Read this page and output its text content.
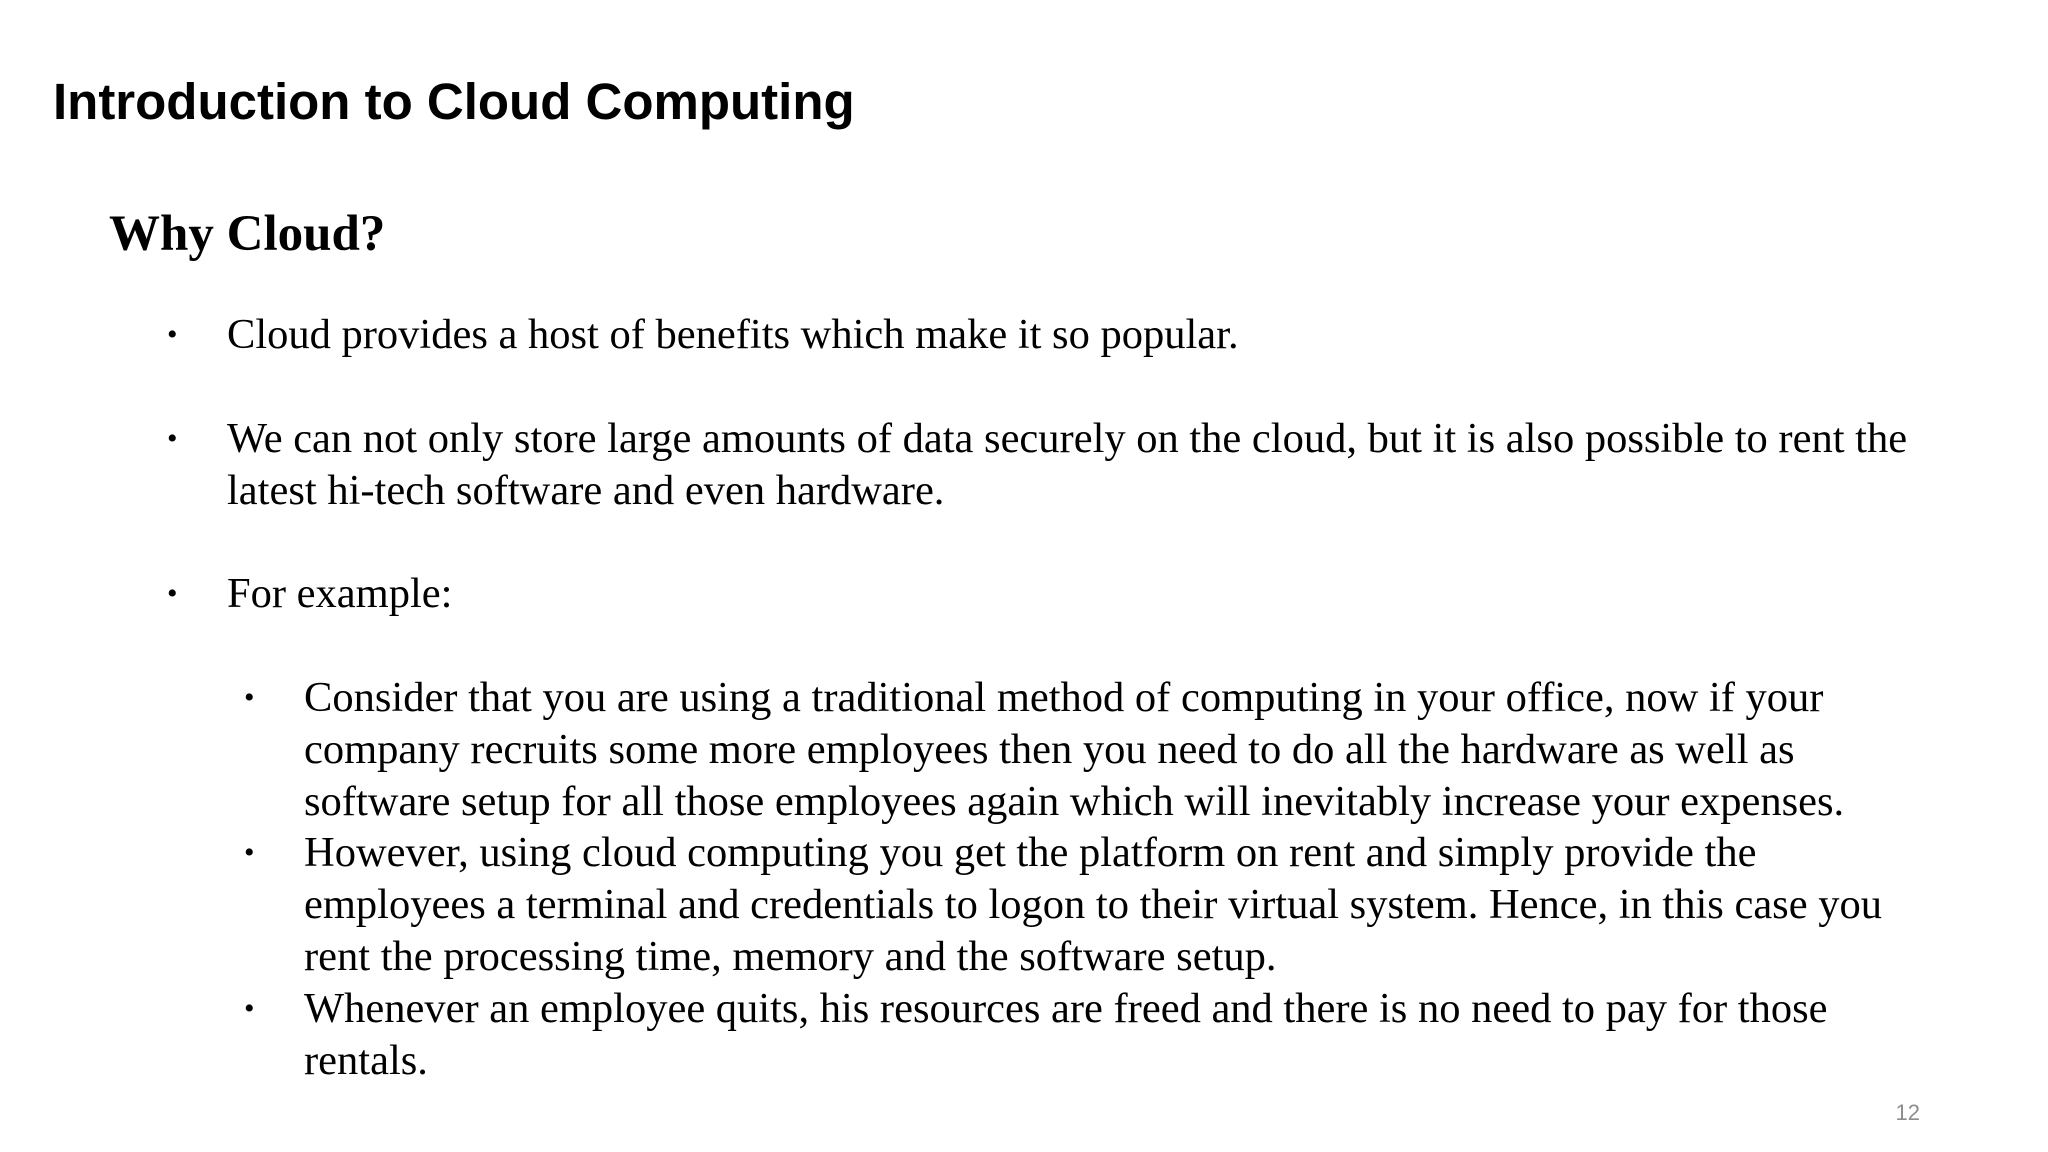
Introduction to Cloud Computing
Why Cloud?
•	Cloud provides a host of benefits which make it so popular.
•	We can not only store large amounts of data securely on the cloud, but it is also possible to rent the latest hi-tech software and even hardware.
•	For example:
•	Consider that you are using a traditional method of computing in your office, now if your company recruits some more employees then you need to do all the hardware as well as software setup for all those employees again which will inevitably increase your expenses.
•	However, using cloud computing you get the platform on rent and simply provide the employees a terminal and credentials to logon to their virtual system. Hence, in this case you rent the processing time, memory and the software setup.
•	Whenever an employee quits, his resources are freed and there is no need to pay for those rentals.
12
